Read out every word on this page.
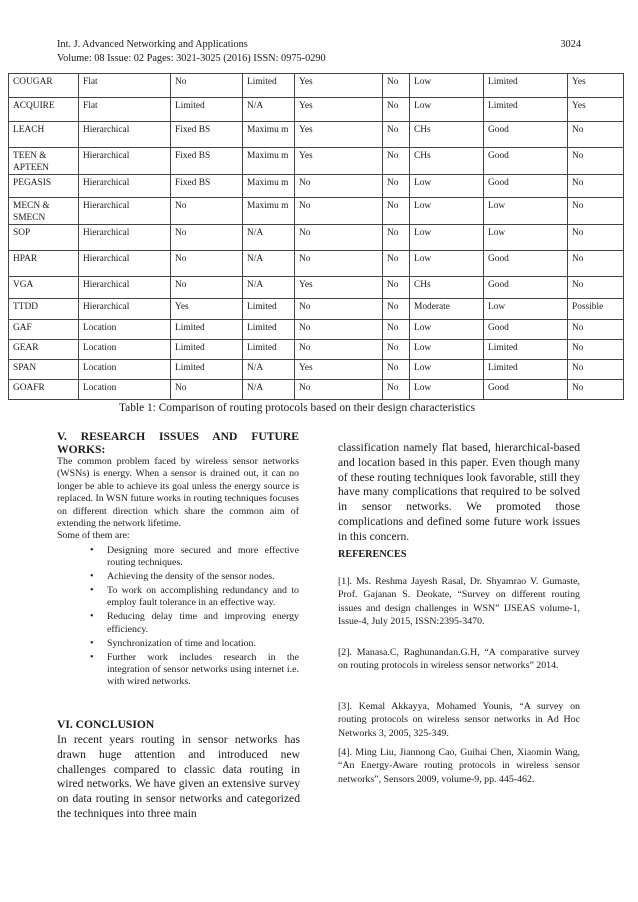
Int. J. Advanced Networking and Applications
Volume: 08 Issue: 02 Pages: 3021-3025 (2016) ISSN: 0975-0290
3024
COUGAR	Flat	No	Limited	Yes	No	Low	Limited	Yes
ACQUIRE	Flat	Limited	N/A	Yes	No	Low	Limited	Yes
LEACH	Hierarchical	Fixed BS	Maximu m	Yes	No	CHs	Good	No
TEEN & APTEEN	Hierarchical	Fixed BS	Maximu m	Yes	No	CHs	Good	No
PEGASIS	Hierarchical	Fixed BS	Maximu m	No	No	Low	Good	No
MECN & SMECN	Hierarchical	No	Maximu m	No	No	Low	Low	No
SOP	Hierarchical	No	N/A	No	No	Low	Low	No
HPAR	Hierarchical	No	N/A	No	No	Low	Good	No
VGA	Hierarchical	No	N/A	Yes	No	CHs	Good	No
TTDD	Hierarchical	Yes	Limited	No	No	Moderate	Low	Possible
GAF	Location	Limited	Limited	No	No	Low	Good	No
GEAR	Location	Limited	Limited	No	No	Low	Limited	No
SPAN	Location	Limited	N/A	Yes	No	Low	Limited	No
GOAFR	Location	No	N/A	No	No	Low	Good	No
Table 1: Comparison of routing protocols based on their design characteristics
V. RESEARCH ISSUES AND FUTURE
WORKS:

The common problem faced by wireless sensor networks (WSNs) is energy. When a sensor is drained out, it can no longer be able to achieve its goal unless the energy source is replaced. In WSN future works in routing techniques focuses on different direction which share the common aim of extending the network lifetime.

Some of them are:

• Designing more secured and more effective routing techniques.
• Achieving the density of the sensor nodes.
• To work on accomplishing redundancy and to employ fault tolerance in an effective way.
• Reducing delay time and improving energy efficiency.
• Synchronization of time and location.
• Further work includes research in the integration of sensor networks using internet i.e. with wired networks.
VI. CONCLUSION

In recent years routing in sensor networks has drawn huge attention and introduced new challenges compared to classic data routing in wired networks. We have given an extensive survey on data routing in sensor networks and categorized the techniques into three main

classification namely flat based, hierarchical-based and location based in this paper. Even though many of these routing techniques look favorable, still they have many complications that required to be solved in sensor networks. We promoted those complications and defined some future work issues in this concern.

REFERENCES

[1]. Ms. Reshma Jayesh Rasal, Dr. Shyamrao V. Gumaste, Prof. Gajanan S. Deokate, “Survey on different routing issues and design challenges in WSN” IJSEAS volume-1, Issue-4, July 2015, ISSN:2395-3470.

[2]. Manasa.C, Raghunandan.G.H, “A comparative survey on routing protocols in wireless sensor networks” 2014.

[3]. Kemal Akkayya, Mohamed Younis, “A survey on routing protocols on wireless sensor networks in Ad Hoc Networks 3, 2005, 325-349.

[4]. Ming Liu, Jiannong Cao, Guihai Chen, Xiaomin Wang, “An Energy-Aware routing protocols in wireless sensor networks”, Sensors 2009, volume-9, pp. 445-462.
